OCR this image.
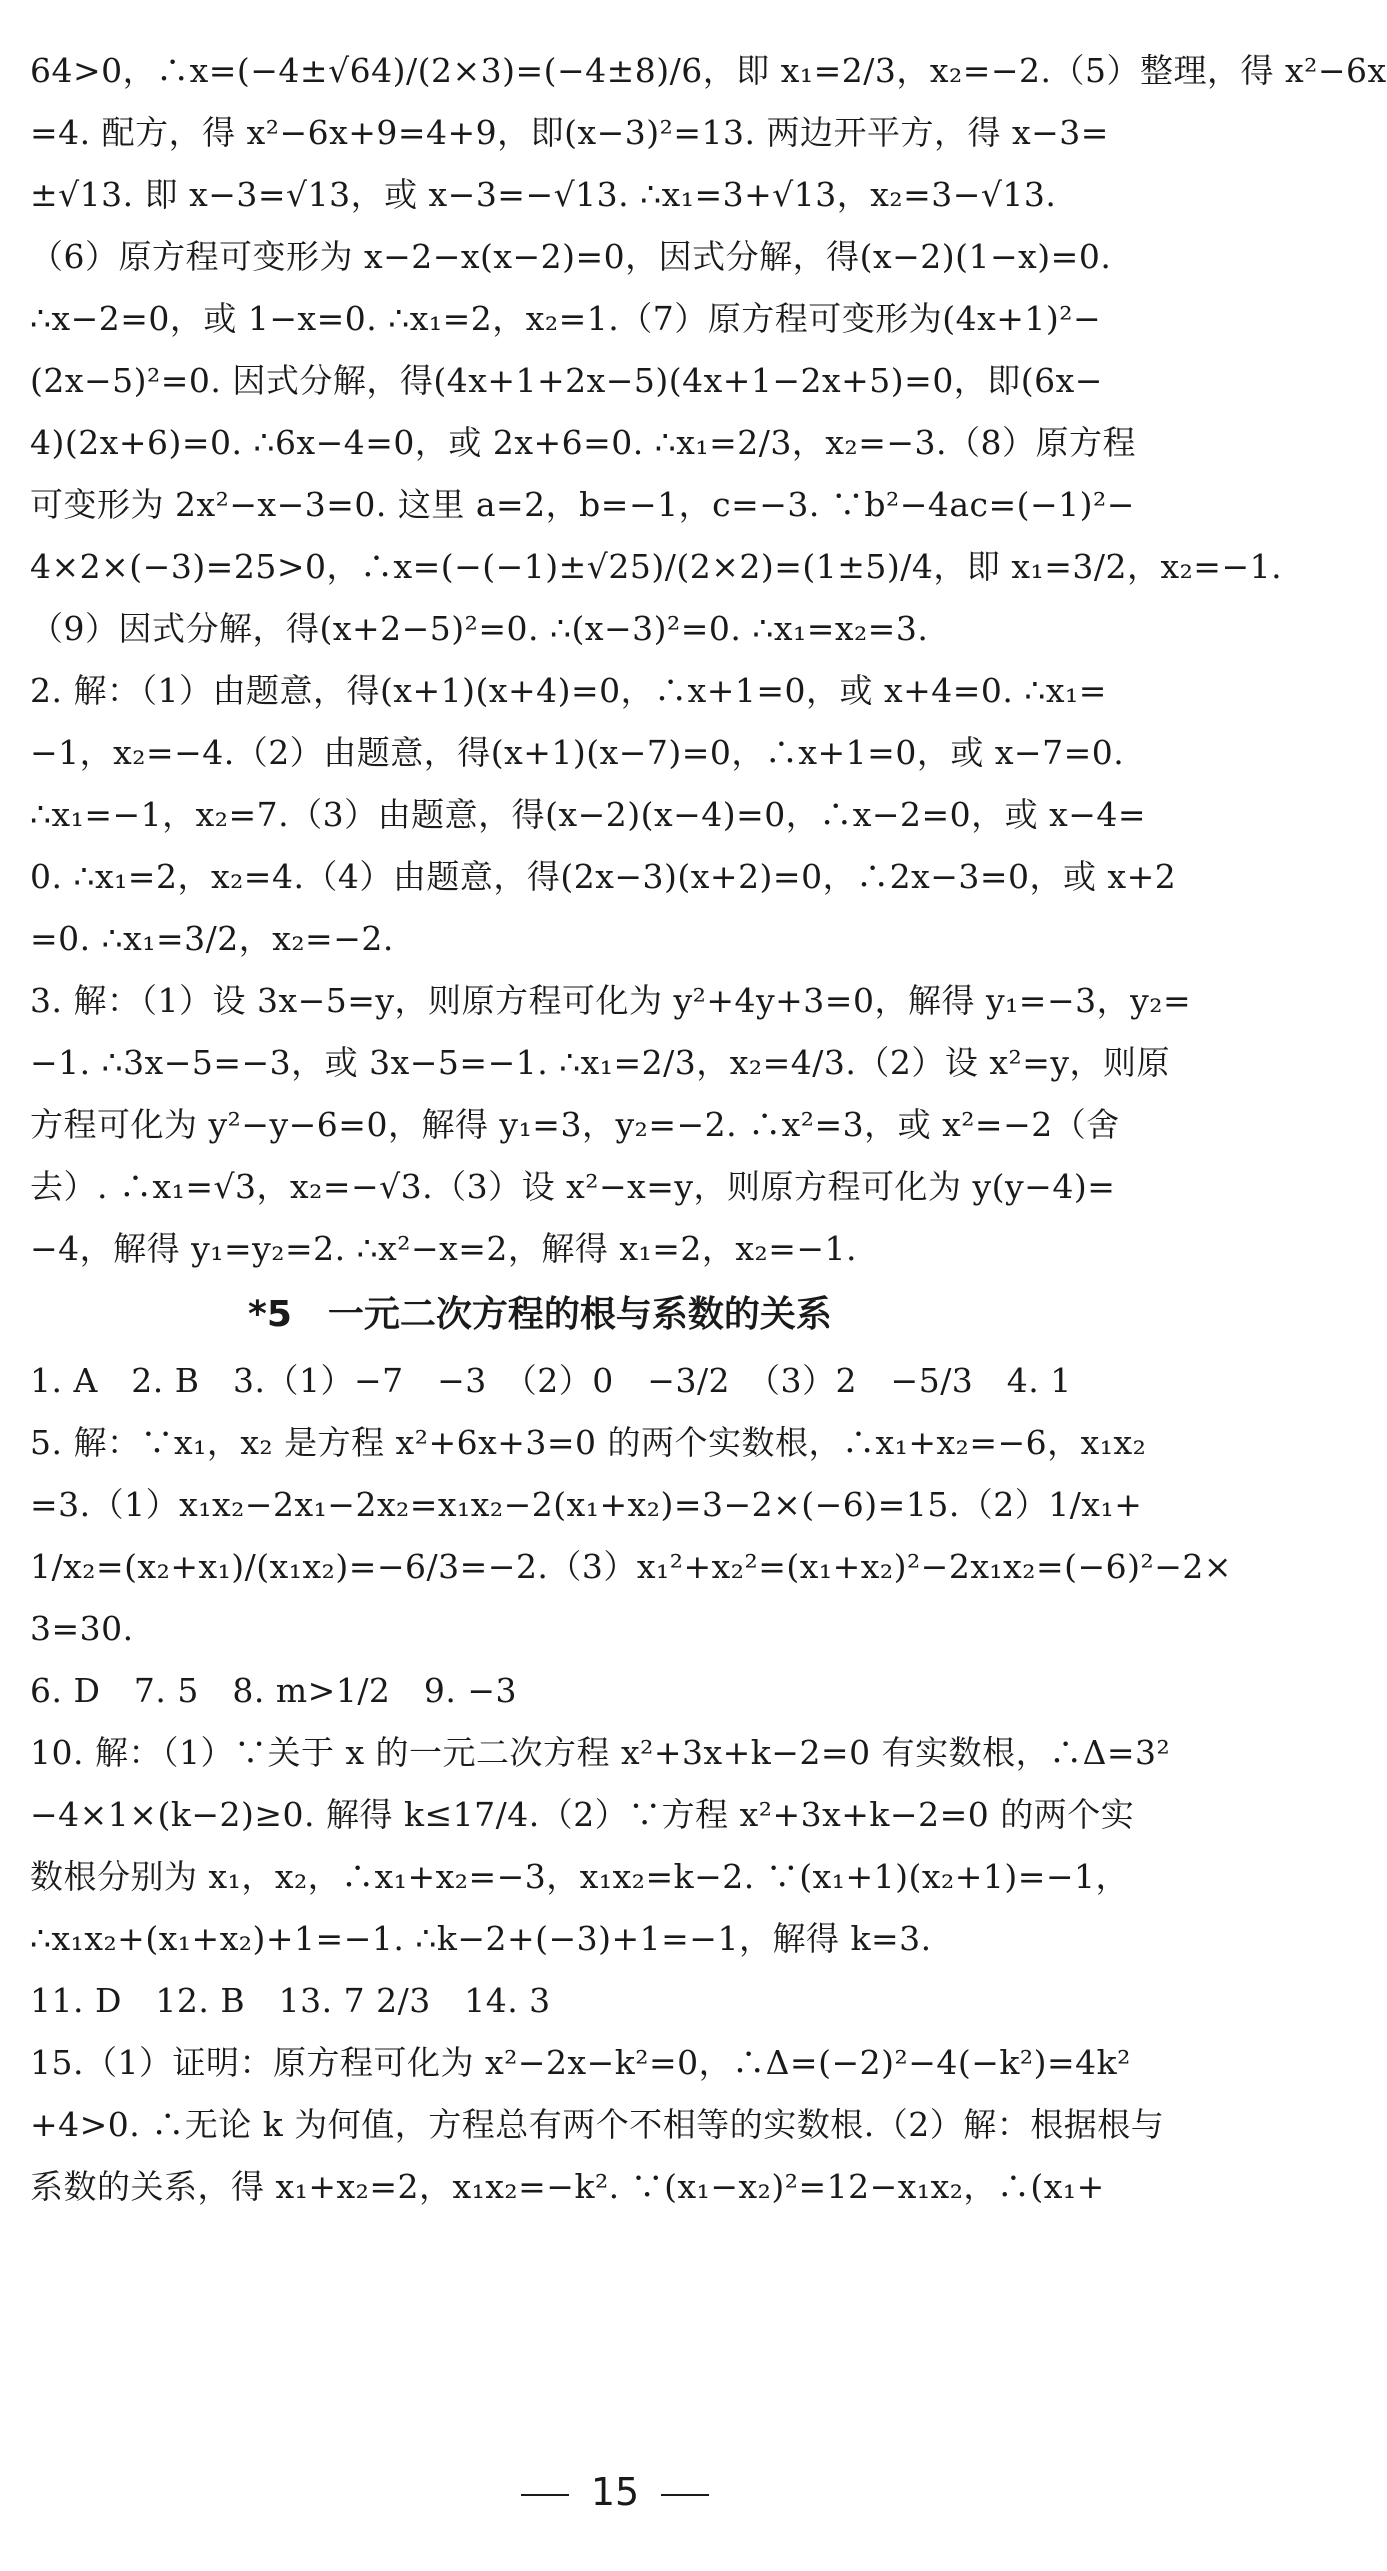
64>0，∴x=(−4±√64)/(2×3)=(−4±8)/6，即 x₁=2/3，x₂=−2.（5）整理，得 x²−6x
=4. 配方，得 x²−6x+9=4+9，即(x−3)²=13. 两边开平方，得 x−3=
±√13. 即 x−3=√13，或 x−3=−√13. ∴x₁=3+√13，x₂=3−√13.
（6）原方程可变形为 x−2−x(x−2)=0，因式分解，得(x−2)(1−x)=0.
∴x−2=0，或 1−x=0. ∴x₁=2，x₂=1.（7）原方程可变形为(4x+1)²−
(2x−5)²=0. 因式分解，得(4x+1+2x−5)(4x+1−2x+5)=0，即(6x−
4)(2x+6)=0. ∴6x−4=0，或 2x+6=0. ∴x₁=2/3，x₂=−3.（8）原方程
可变形为 2x²−x−3=0. 这里 a=2，b=−1，c=−3. ∵b²−4ac=(−1)²−
4×2×(−3)=25>0，∴x=(−(−1)±√25)/(2×2)=(1±5)/4，即 x₁=3/2，x₂=−1.
（9）因式分解，得(x+2−5)²=0. ∴(x−3)²=0. ∴x₁=x₂=3.
2. 解：（1）由题意，得(x+1)(x+4)=0，∴x+1=0，或 x+4=0. ∴x₁=
−1，x₂=−4.（2）由题意，得(x+1)(x−7)=0，∴x+1=0，或 x−7=0.
∴x₁=−1，x₂=7.（3）由题意，得(x−2)(x−4)=0，∴x−2=0，或 x−4=
0. ∴x₁=2，x₂=4.（4）由题意，得(2x−3)(x+2)=0，∴2x−3=0，或 x+2
=0. ∴x₁=3/2，x₂=−2.
3. 解：（1）设 3x−5=y，则原方程可化为 y²+4y+3=0，解得 y₁=−3，y₂=
−1. ∴3x−5=−3，或 3x−5=−1. ∴x₁=2/3，x₂=4/3.（2）设 x²=y，则原
方程可化为 y²−y−6=0，解得 y₁=3，y₂=−2. ∴x²=3，或 x²=−2（舍
去）. ∴x₁=√3，x₂=−√3.（3）设 x²−x=y，则原方程可化为 y(y−4)=
−4，解得 y₁=y₂=2. ∴x²−x=2，解得 x₁=2，x₂=−1.
*5　一元二次方程的根与系数的关系
1. A　2. B　3.（1）−7　−3　（2）0　−3/2　（3）2　−5/3　4. 1
5. 解：∵x₁，x₂ 是方程 x²+6x+3=0 的两个实数根，∴x₁+x₂=−6，x₁x₂
=3.（1）x₁x₂−2x₁−2x₂=x₁x₂−2(x₁+x₂)=3−2×(−6)=15.（2）1/x₁+
1/x₂=(x₂+x₁)/(x₁x₂)=−6/3=−2.（3）x₁²+x₂²=(x₁+x₂)²−2x₁x₂=(−6)²−2×
3=30.
6. D　7. 5　8. m>1/2　9. −3
10. 解：（1）∵关于 x 的一元二次方程 x²+3x+k−2=0 有实数根，∴Δ=3²
−4×1×(k−2)≥0. 解得 k≤17/4.（2）∵方程 x²+3x+k−2=0 的两个实
数根分别为 x₁，x₂，∴x₁+x₂=−3，x₁x₂=k−2. ∵(x₁+1)(x₂+1)=−1，
∴x₁x₂+(x₁+x₂)+1=−1. ∴k−2+(−3)+1=−1，解得 k=3.
11. D　12. B　13. 7 2/3　14. 3
15.（1）证明：原方程可化为 x²−2x−k²=0，∴Δ=(−2)²−4(−k²)=4k²
+4>0. ∴无论 k 为何值，方程总有两个不相等的实数根.（2）解：根据根与
系数的关系，得 x₁+x₂=2，x₁x₂=−k². ∵(x₁−x₂)²=12−x₁x₂，∴(x₁+
15
